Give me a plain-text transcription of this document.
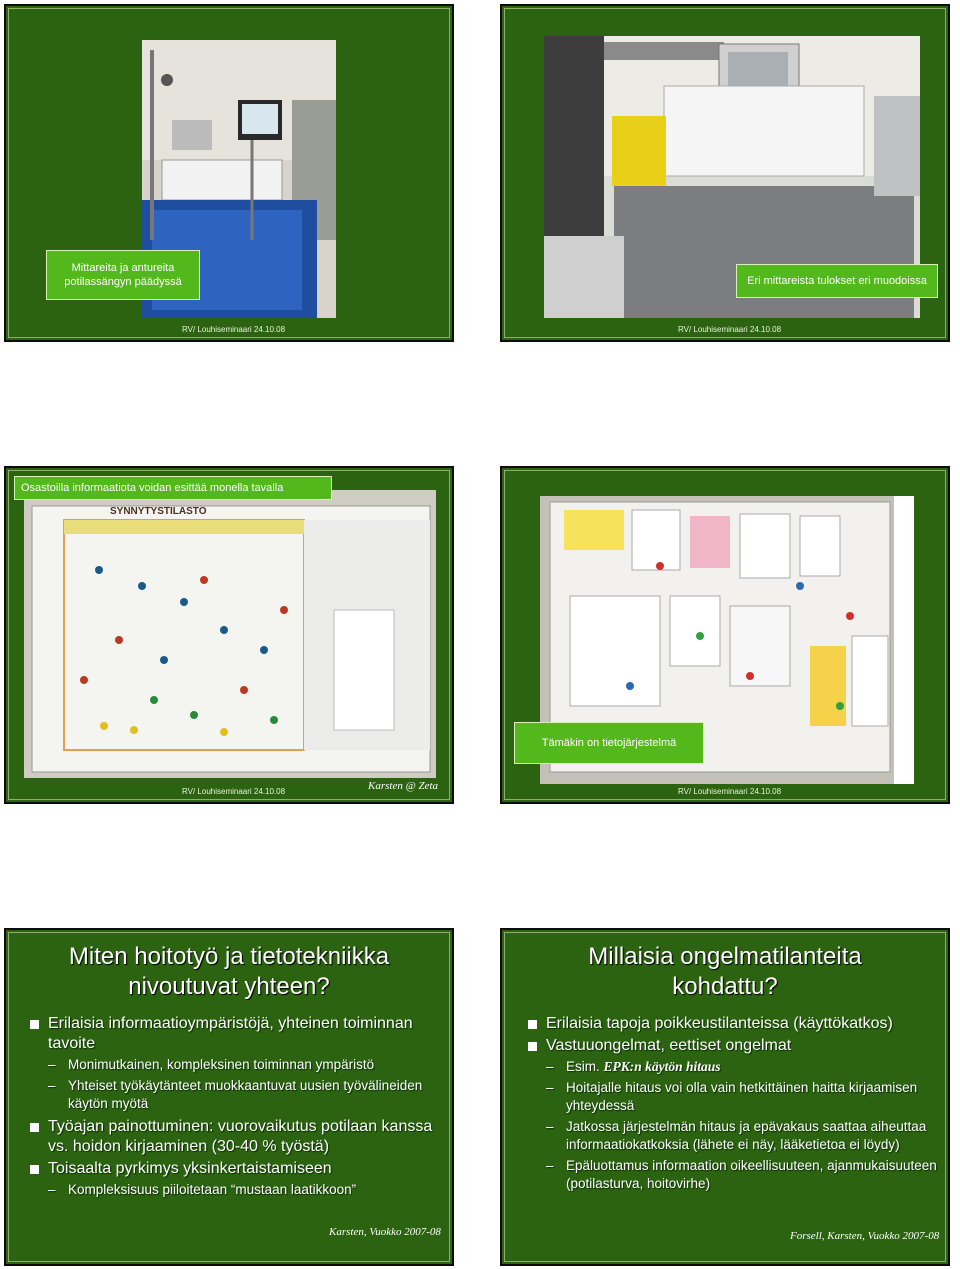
Mittareita ja antureita potilassängyn päädyssä
RV/ Louhiseminaari 24.10.08
Eri mittareista tulokset eri muodoissa
RV/ Louhiseminaari 24.10.08
SYNNYTYSTILASTO
Osastoilla informaatiota voidan esittää monella tavalla
RV/ Louhiseminaari 24.10.08	Karsten @ Zeta
Tämäkin on tietojärjestelmä
RV/ Louhiseminaari 24.10.08
Miten hoitotyö ja tietotekniikka
nivoutuvat yhteen?
Erilaisia informaatioympäristöjä, yhteinen toiminnan tavoite
– Monimutkainen, kompleksinen toiminnan ympäristö
– Yhteiset työkäytänteet muokkaantuvat uusien työvälineiden käytön myötä
Työajan painottuminen: vuorovaikutus potilaan kanssa vs. hoidon kirjaaminen (30-40 % työstä)
Toisaalta pyrkimys yksinkertaistamiseen
– Kompleksisuus piiloitetaan “mustaan laatikkoon”
Karsten, Vuokko 2007-08
Millaisia ongelmatilanteita
kohdattu?
Erilaisia tapoja poikkeustilanteissa (käyttökatkos)
Vastuuongelmat, eettiset ongelmat
– Esim. EPK:n käytön hitaus
– Hoitajalle hitaus voi olla vain hetkittäinen haitta kirjaamisen yhteydessä
– Jatkossa järjestelmän hitaus ja epävakaus saattaa aiheuttaa informaatiokatkoksia (lähete ei näy, lääketietoa ei löydy)
– Epäluottamus informaation oikeellisuuteen, ajanmukaisuuteen (potilasturva, hoitovirhe)
Forsell, Karsten, Vuokko 2007-08
